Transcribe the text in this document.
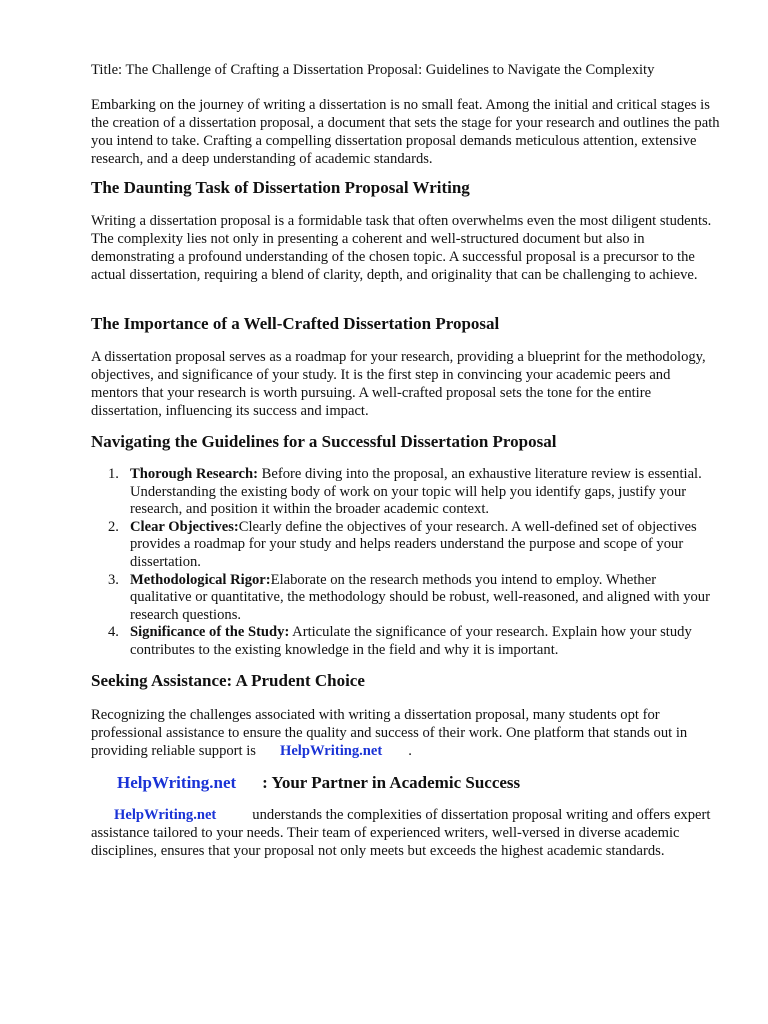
Title: The Challenge of Crafting a Dissertation Proposal: Guidelines to Navigate the Complexity
Embarking on the journey of writing a dissertation is no small feat. Among the initial and critical stages is the creation of a dissertation proposal, a document that sets the stage for your research and outlines the path you intend to take. Crafting a compelling dissertation proposal demands meticulous attention, extensive research, and a deep understanding of academic standards.
The Daunting Task of Dissertation Proposal Writing
Writing a dissertation proposal is a formidable task that often overwhelms even the most diligent students. The complexity lies not only in presenting a coherent and well-structured document but also in demonstrating a profound understanding of the chosen topic. A successful proposal is a precursor to the actual dissertation, requiring a blend of clarity, depth, and originality that can be challenging to achieve.
The Importance of a Well-Crafted Dissertation Proposal
A dissertation proposal serves as a roadmap for your research, providing a blueprint for the methodology, objectives, and significance of your study. It is the first step in convincing your academic peers and mentors that your research is worth pursuing. A well-crafted proposal sets the tone for the entire dissertation, influencing its success and impact.
Navigating the Guidelines for a Successful Dissertation Proposal
1. Thorough Research: Before diving into the proposal, an exhaustive literature review is essential. Understanding the existing body of work on your topic will help you identify gaps, justify your research, and position it within the broader academic context.
2. Clear Objectives:Clearly define the objectives of your research. A well-defined set of objectives provides a roadmap for your study and helps readers understand the purpose and scope of your dissertation.
3. Methodological Rigor:Elaborate on the research methods you intend to employ. Whether qualitative or quantitative, the methodology should be robust, well-reasoned, and aligned with your research questions.
4. Significance of the Study: Articulate the significance of your research. Explain how your study contributes to the existing knowledge in the field and why it is important.
Seeking Assistance: A Prudent Choice
Recognizing the challenges associated with writing a dissertation proposal, many students opt for professional assistance to ensure the quality and success of their work. One platform that stands out in providing reliable support is HelpWriting.net .
HelpWriting.net : Your Partner in Academic Success
HelpWriting.net understands the complexities of dissertation proposal writing and offers expert assistance tailored to your needs. Their team of experienced writers, well-versed in diverse academic disciplines, ensures that your proposal not only meets but exceeds the highest academic standards.
